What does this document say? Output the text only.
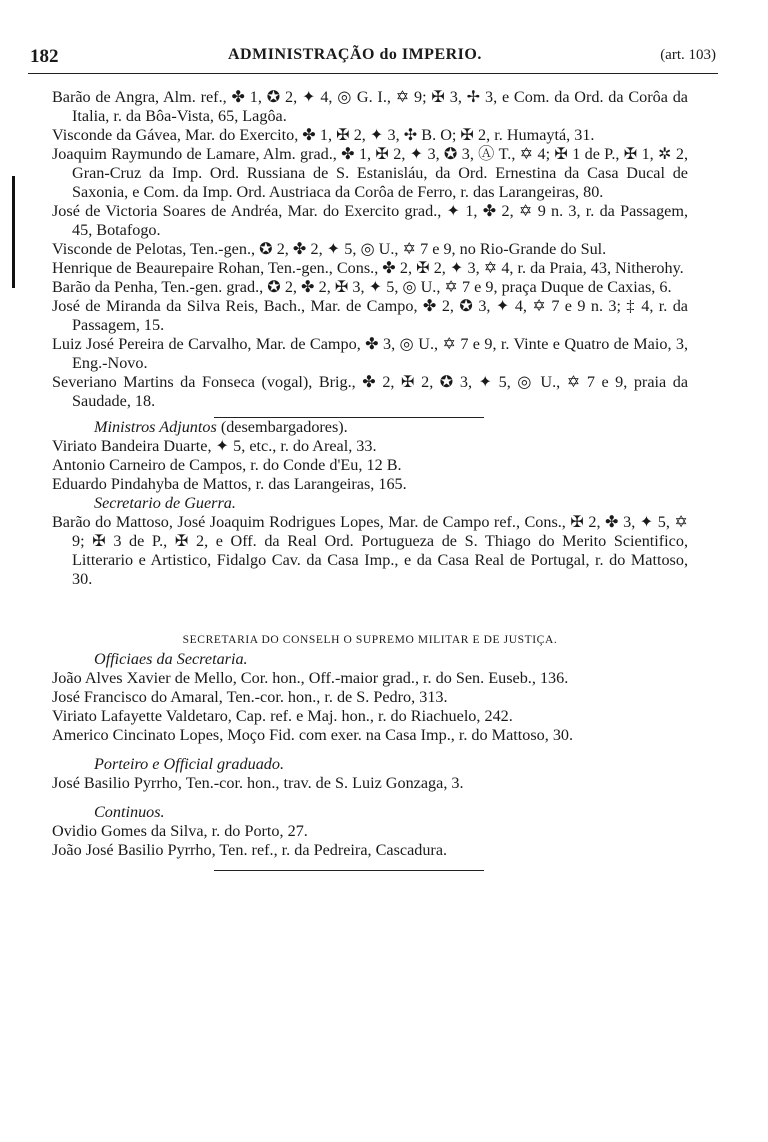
182	ADMINISTRAÇÃO do IMPERIO.	(art. 103)

Barão de Angra, Alm. ref., ✤ 1, ✪ 2, ✦ 4, ◎ G. I., ✡ 9; ✠ 3, ✢ 3, e Com. da Ord. da Corôa da Italia, r. da Bôa-Vista, 65, Lagôa.

Visconde da Gávea, Mar. do Exercito, ✤ 1, ✠ 2, ✦ 3, ✣ B. O; ✠ 2, r. Humaytá, 31.

Joaquim Raymundo de Lamare, Alm. grad., ✤ 1, ✠ 2, ✦ 3, ✪ 3, Ⓐ T., ✡ 4; ✠ 1 de P., ✠ 1, ✲ 2, Gran-Cruz da Imp. Ord. Russiana de S. Estanisláu, da Ord. Ernestina da Casa Ducal de Saxonia, e Com. da Imp. Ord. Austriaca da Corôa de Ferro, r. das Larangeiras, 80.

José de Victoria Soares de Andréa, Mar. do Exercito grad., ✦ 1, ✤ 2, ✡ 9 n. 3, r. da Passagem, 45, Botafogo.

Visconde de Pelotas, Ten.-gen., ✪ 2, ✤ 2, ✦ 5, ◎ U., ✡ 7 e 9, no Rio-Grande do Sul.

Henrique de Beaurepaire Rohan, Ten.-gen., Cons., ✤ 2, ✠ 2, ✦ 3, ✡ 4, r. da Praia, 43, Nitherohy.

Barão da Penha, Ten.-gen. grad., ✪ 2, ✤ 2, ✠ 3, ✦ 5, ◎ U., ✡ 7 e 9, praça Duque de Caxias, 6.

José de Miranda da Silva Reis, Bach., Mar. de Campo, ✤ 2, ✪ 3, ✦ 4, ✡ 7 e 9 n. 3; ‡ 4, r. da Passagem, 15.

Luiz José Pereira de Carvalho, Mar. de Campo, ✤ 3, ◎ U., ✡ 7 e 9, r. Vinte e Quatro de Maio, 3, Eng.-Novo.

Severiano Martins da Fonseca (vogal), Brig., ✤ 2, ✠ 2, ✪ 3, ✦ 5, ◎ U., ✡ 7 e 9, praia da Saudade, 18.

Ministros Adjuntos (desembargadores).

Viriato Bandeira Duarte, ✦ 5, etc., r. do Areal, 33.

Antonio Carneiro de Campos, r. do Conde d'Eu, 12 B.

Eduardo Pindahyba de Mattos, r. das Larangeiras, 165.

Secretario de Guerra.

Barão do Mattoso, José Joaquim Rodrigues Lopes, Mar. de Campo ref., Cons., ✠ 2, ✤ 3, ✦ 5, ✡ 9; ✠ 3 de P., ✠ 2, e Off. da Real Ord. Portugueza de S. Thiago do Merito Scientifico, Litterario e Artistico, Fidalgo Cav. da Casa Imp., e da Casa Real de Portugal, r. do Mattoso, 30.

SECRETARIA DO CONSELH O SUPREMO MILITAR E DE JUSTIÇA.

Officiaes da Secretaria.

João Alves Xavier de Mello, Cor. hon., Off.-maior grad., r. do Sen. Euseb., 136.

José Francisco do Amaral, Ten.-cor. hon., r. de S. Pedro, 313.

Viriato Lafayette Valdetaro, Cap. ref. e Maj. hon., r. do Riachuelo, 242.

Americo Cincinato Lopes, Moço Fid. com exer. na Casa Imp., r. do Mattoso, 30.

Porteiro e Official graduado.

José Basilio Pyrrho, Ten.-cor. hon., trav. de S. Luiz Gonzaga, 3.

Continuos.

Ovidio Gomes da Silva, r. do Porto, 27.

João José Basilio Pyrrho, Ten. ref., r. da Pedreira, Cascadura.
